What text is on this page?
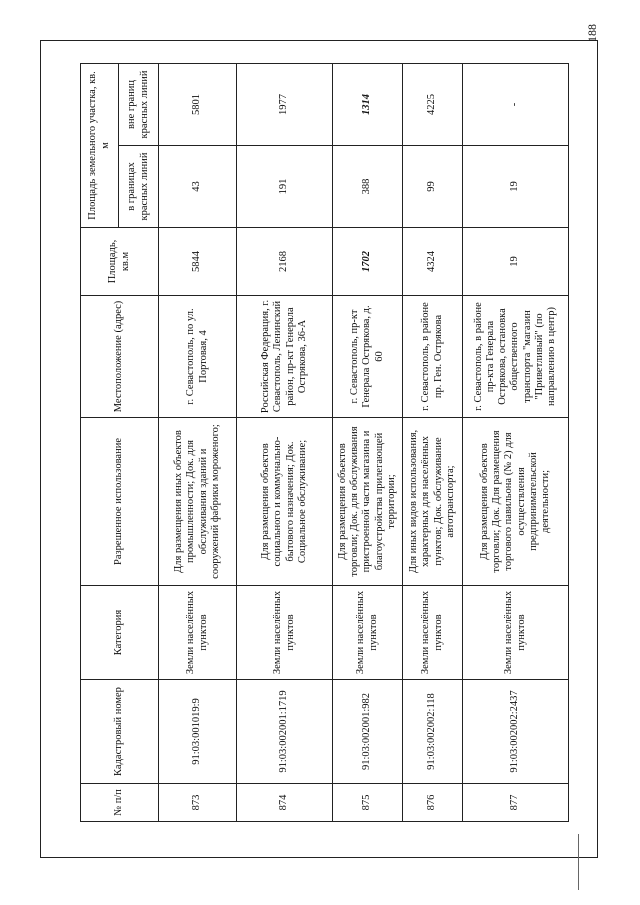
188
№ п/п	Кадастровый номер	Категория	Разрешенное использование	Местоположение (адрес)	Площадь, кв.м	Площадь земельного участка, кв. м	
						в границах красных линий	вне границ красных линий
873	91:03:001019:9	Земли населённых пунктов	Для размещения иных объектов промышленности; Док. для обслуживания зданий и сооружений фабрики мороженого;	г. Севастополь, по ул. Портовая, 4	5844	43	5801
874	91:03:002001:1719	Земли населённых пунктов	Для размещения объектов социального и коммунально-бытового назначения; Док. Социальное обслуживание;	Российская Федерация, г. Севастополь, Ленинский район, пр-кт Генерала Острякова, 36-А	2168	191	1977
875	91:03:002001:982	Земли населённых пунктов	Для размещения объектов торговли; Док. для обслуживания пристроенной части магазина и благоустройства прилегающей территории;	г. Севастополь, пр-кт Генерала Острякова, д. 60	1702	388	1314
876	91:03:002002:118	Земли населённых пунктов	Для иных видов использования, характерных для населённых пунктов; Док. обслуживание автотранспорта;	г. Севастополь, в районе пр. Ген. Острякова	4324	99	4225
877	91:03:002002:2437	Земли населённых пунктов	Для размещения объектов торговли; Док. Для размещения торгового павильона (№ 2) для осуществления предпринимательской деятельности;	г. Севастополь, в районе пр-кта Генерала Острякова, остановка общественного транспорта "магазин "Приветливый" (по направлению в центр)	19	19	-
